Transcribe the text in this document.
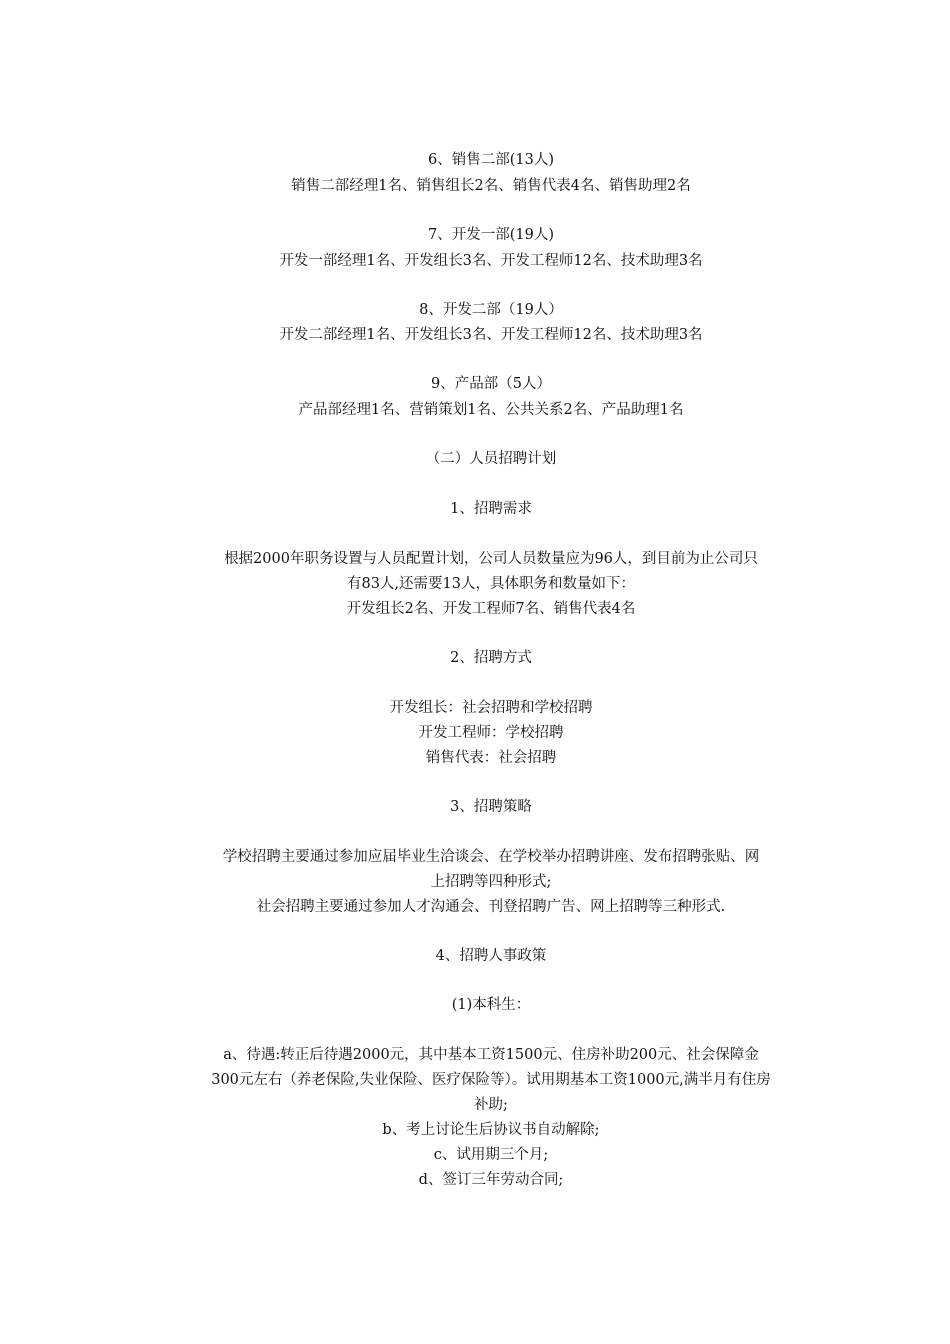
6、销售二部(13人)
销售二部经理1名、销售组长2名、销售代表4名、销售助理2名
7、开发一部(19人)
开发一部经理1名、开发组长3名、开发工程师12名、技术助理3名
8、开发二部（19人）
开发二部经理1名、开发组长3名、开发工程师12名、技术助理3名
9、产品部（5人）
产品部经理1名、营销策划1名、公共关系2名、产品助理1名
（二）人员招聘计划
1、招聘需求
根据2000年职务设置与人员配置计划，公司人员数量应为96人，到目前为止公司只
有83人,还需要13人，具体职务和数量如下：
开发组长2名、开发工程师7名、销售代表4名
2、招聘方式
开发组长：社会招聘和学校招聘
开发工程师：学校招聘
销售代表：社会招聘
3、招聘策略
学校招聘主要通过参加应届毕业生洽谈会、在学校举办招聘讲座、发布招聘张贴、网
上招聘等四种形式;
社会招聘主要通过参加人才沟通会、刊登招聘广告、网上招聘等三种形式.
4、招聘人事政策
(1)本科生：
a、待遇:转正后待遇2000元，其中基本工资1500元、住房补助200元、社会保障金
300元左右（养老保险,失业保险、医疗保险等）。试用期基本工资1000元,满半月有住房
补助;
b、考上讨论生后协议书自动解除;
c、试用期三个月;
d、签订三年劳动合同;
